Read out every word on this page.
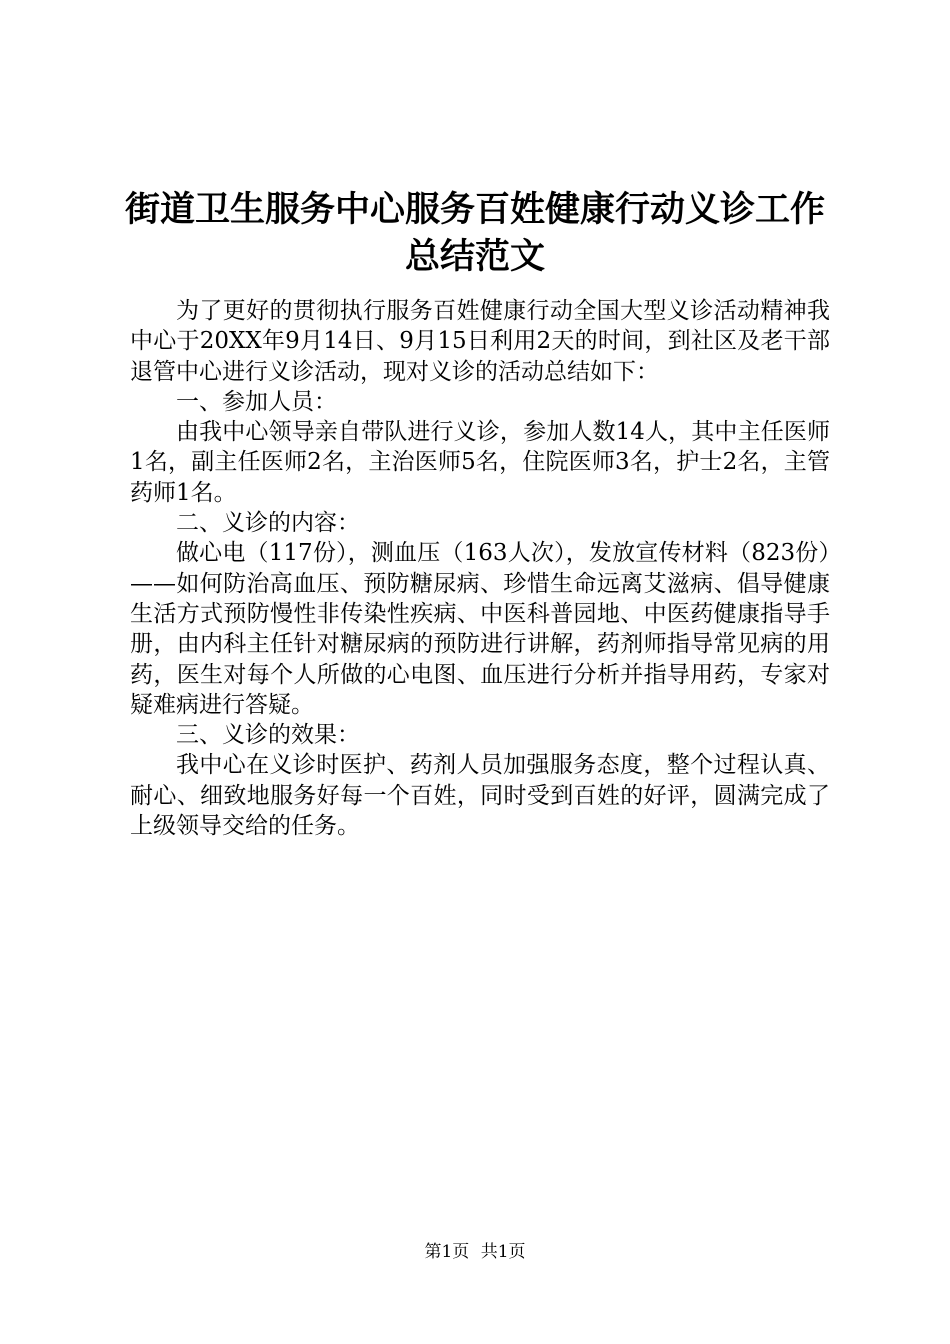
街道卫生服务中心服务百姓健康行动义诊工作
总结范文

为了更好的贯彻执行服务百姓健康行动全国大型义诊活动精神我中心于20XX年9月14日、9月15日利用2天的时间，到社区及老干部退管中心进行义诊活动，现对义诊的活动总结如下：

一、参加人员：

由我中心领导亲自带队进行义诊，参加人数14人，其中主任医师1名，副主任医师2名，主治医师5名，住院医师3名，护士2名，主管药师1名。

二、义诊的内容：

做心电（117份），测血压（163人次），发放宣传材料（823份）——如何防治高血压、预防糖尿病、珍惜生命远离艾滋病、倡导健康生活方式预防慢性非传染性疾病、中医科普园地、中医药健康指导手册，由内科主任针对糖尿病的预防进行讲解，药剂师指导常见病的用药，医生对每个人所做的心电图、血压进行分析并指导用药，专家对疑难病进行答疑。

三、义诊的效果：

我中心在义诊时医护、药剂人员加强服务态度，整个过程认真、耐心、细致地服务好每一个百姓，同时受到百姓的好评，圆满完成了上级领导交给的任务。

第1页 共1页
